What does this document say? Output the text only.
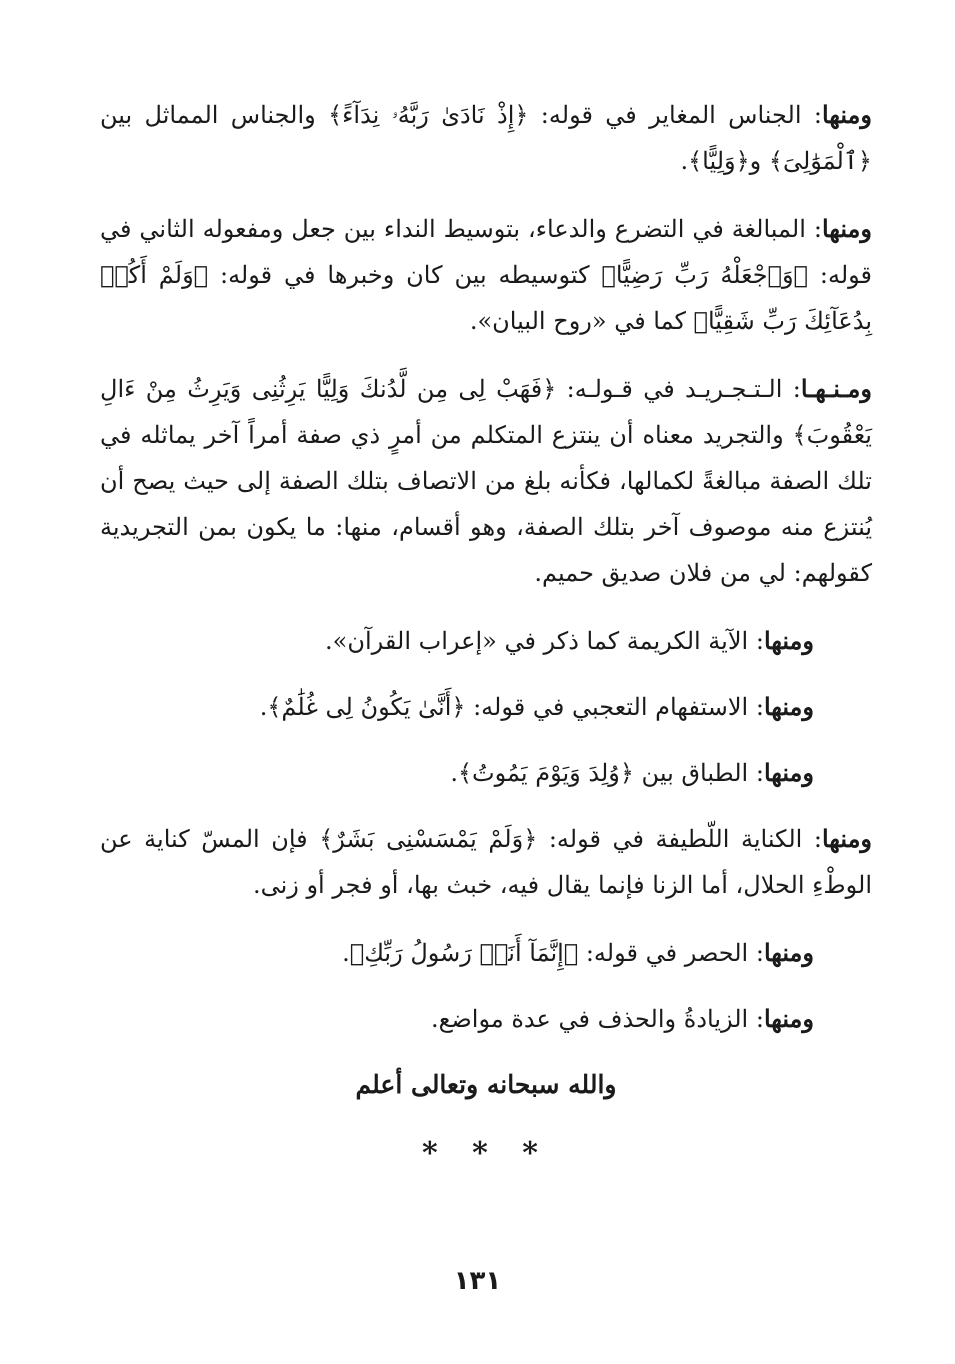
ومنها: الجناس المغاير في قوله: ﴿إِذْ نَادَىٰ رَبَّهُۥ نِدَآءً﴾ والجناس المماثل بين ﴿ٱلْمَوَٰلِىَ﴾ و﴿وَلِيًّا﴾.

ومنها: المبالغة في التضرع والدعاء، بتوسيط النداء بين جعل ومفعوله الثاني في قوله: ﴿وَٱجْعَلْهُ رَبِّ رَضِيًّا﴾ كتوسيطه بين كان وخبرها في قوله: ﴿وَلَمْ أَكُنۢ بِدُعَآئِكَ رَبِّ شَقِيًّا﴾ كما في «روح البيان».

ومـنـهـا: الـتـجـريـد في قـولـه: ﴿فَهَبْ لِى مِن لَّدُنكَ وَلِيًّا يَرِثُنِى وَيَرِثُ مِنْ ءَالِ يَعْقُوبَ﴾ والتجريد معناه أن ينتزع المتكلم من أمرٍ ذي صفة أمراً آخر يماثله في تلك الصفة مبالغةً لكمالها، فكأنه بلغ من الاتصاف بتلك الصفة إلى حيث يصح أن يُنتزع منه موصوف آخر بتلك الصفة، وهو أقسام، منها: ما يكون بمن التجريدية كقولهم: لي من فلان صديق حميم.

ومنها: الآية الكريمة كما ذكر في «إعراب القرآن».

ومنها: الاستفهام التعجبي في قوله: ﴿أَنَّىٰ يَكُونُ لِى غُلَٰمٌ﴾.

ومنها: الطباق بين ﴿وُلِدَ وَيَوْمَ يَمُوتُ﴾.

ومنها: الكناية اللّطيفة في قوله: ﴿وَلَمْ يَمْسَسْنِى بَشَرٌ﴾ فإن المسّ كناية عن الوطْءِ الحلال، أما الزنا فإنما يقال فيه، خبث بها، أو فجر أو زنى.

ومنها: الحصر في قوله: ﴿إِنَّمَآ أَنَا۠ رَسُولُ رَبِّكِ﴾.

ومنها: الزيادةُ والحذف في عدة مواضع.

والله سبحانه وتعالى أعلم
* * *
١٣١
